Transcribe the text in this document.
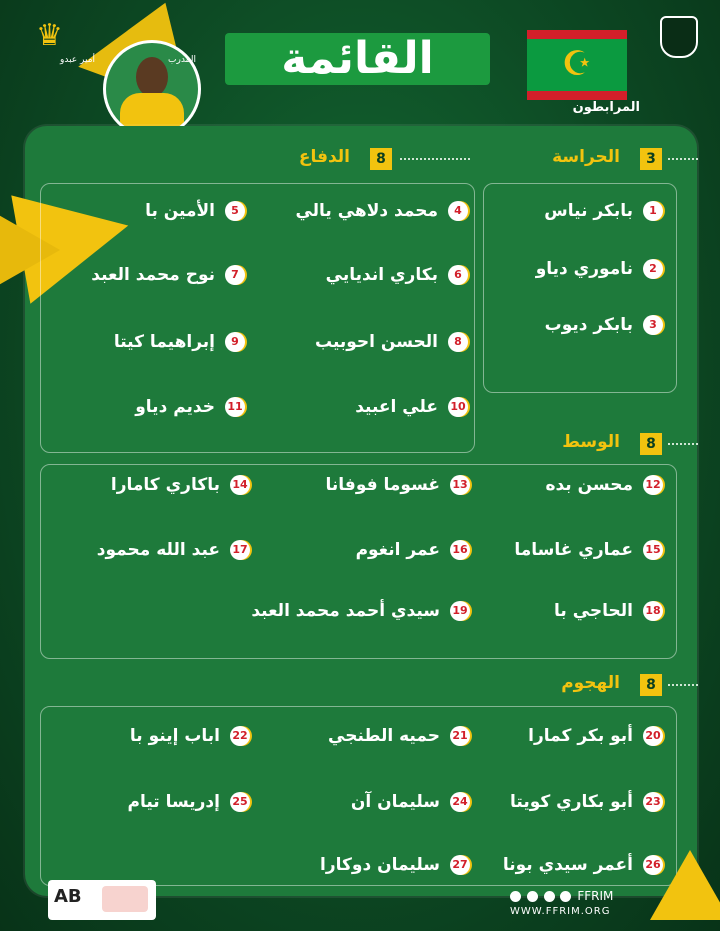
♛
المدرب
أمير عبدو	القائمة	☪
المرابطون
الحراسة	3
الدفاع	8
بابكر نياس	1
ناموري دياو	2
بابكر ديوب	3
محمد دلاهي يالي	4
الأمين با	5
بكاري انديايي	6
نوح محمد العبد	7
الحسن احوبيب	8
إبراهيما كيتا	9
علي اعبيد 10
خديم دياو 11
الوسط	8
محسن بده 12
غسوما فوفانا 13
باكاري كامارا 14
عماري غاساما 15
عمر انغوم 16
عبد الله محمود 17
الحاجي با 18
سيدي أحمد محمد العبد 19
الهجوم	8
أبو بكر كمارا 20
حميه الطنجي 21
اباب إينو با 22
أبو بكاري كويتا 23
سليمان آن 24
إدريسا تيام 25
أعمر سيدي بونا 26
سليمان دوكارا 27
AB	FFRIM
WWW.FFRIM.ORG
